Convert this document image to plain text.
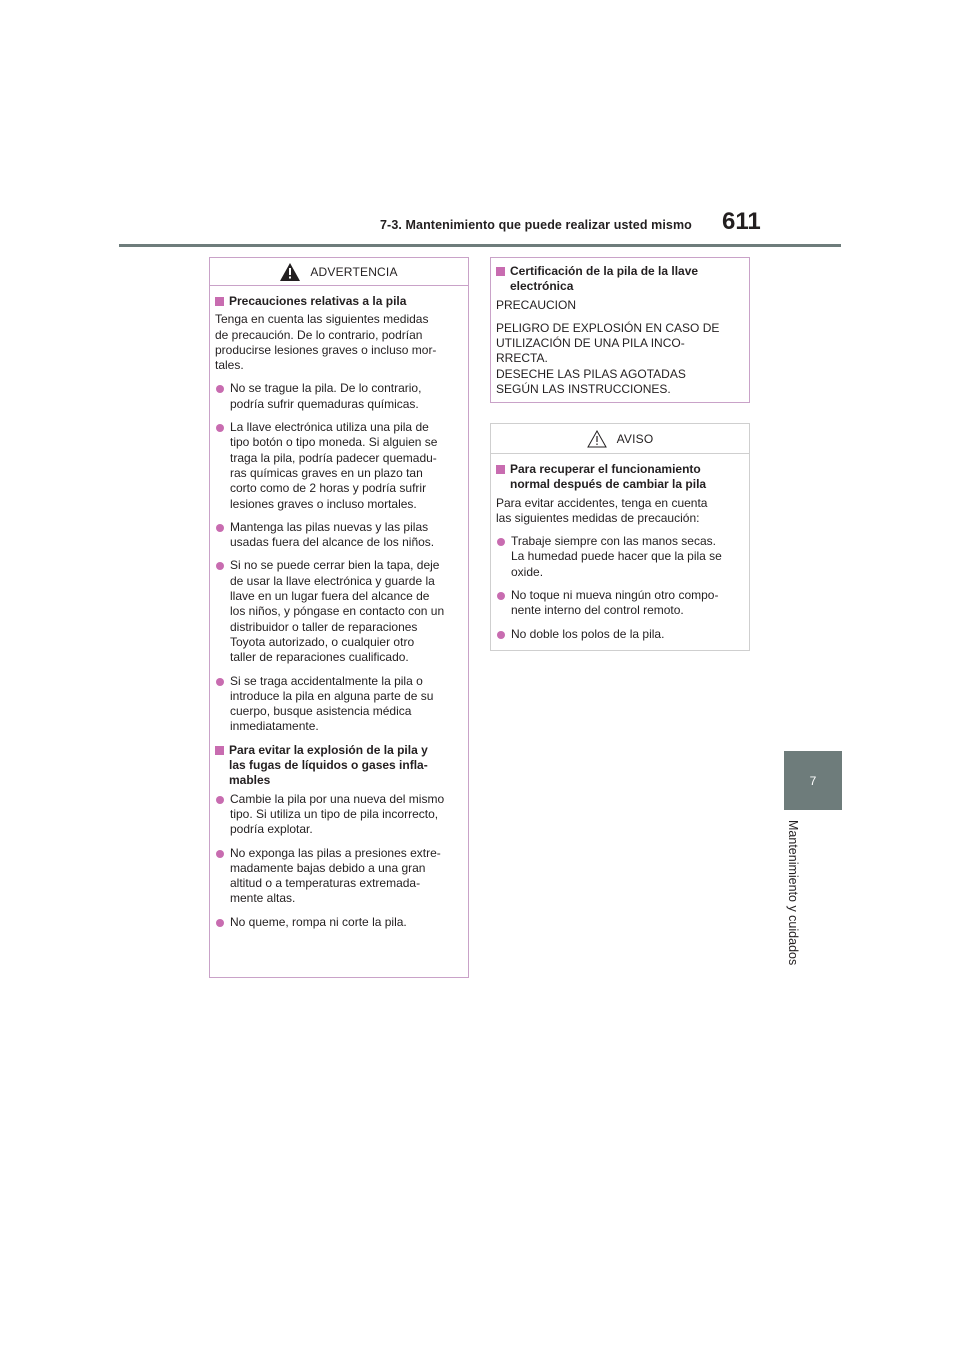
7-3. Mantenimiento que puede realizar usted mismo 611
7
Mantenimiento y cuidados
ADVERTENCIA
Precauciones relativas a la pila
Tenga en cuenta las siguientes medidas
de precaución. De lo contrario, podrían
producirse lesiones graves o incluso mor-
tales.
No se trague la pila. De lo contrario,
podría sufrir quemaduras químicas.
La llave electrónica utiliza una pila de
tipo botón o tipo moneda. Si alguien se
traga la pila, podría padecer quemadu-
ras químicas graves en un plazo tan
corto como de 2 horas y podría sufrir
lesiones graves o incluso mortales.
Mantenga las pilas nuevas y las pilas
usadas fuera del alcance de los niños.
Si no se puede cerrar bien la tapa, deje
de usar la llave electrónica y guarde la
llave en un lugar fuera del alcance de
los niños, y póngase en contacto con un
distribuidor o taller de reparaciones
Toyota autorizado, o cualquier otro
taller de reparaciones cualificado.
Si se traga accidentalmente la pila o
introduce la pila en alguna parte de su
cuerpo, busque asistencia médica
inmediatamente.
Para evitar la explosión de la pila y
las fugas de líquidos o gases infla-
mables
Cambie la pila por una nueva del mismo
tipo. Si utiliza un tipo de pila incorrecto,
podría explotar.
No exponga las pilas a presiones extre-
madamente bajas debido a una gran
altitud o a temperaturas extremada-
mente altas.
No queme, rompa ni corte la pila.
Certificación de la pila de la llave
electrónica
PRECAUCION
PELIGRO DE EXPLOSIÓN EN CASO DE
UTILIZACIÓN DE UNA PILA INCO-
RRECTA.
DESECHE LAS PILAS AGOTADAS
SEGÚN LAS INSTRUCCIONES.
AVISO
Para recuperar el funcionamiento
normal después de cambiar la pila
Para evitar accidentes, tenga en cuenta
las siguientes medidas de precaución:
Trabaje siempre con las manos secas.
La humedad puede hacer que la pila se
oxide.
No toque ni mueva ningún otro compo-
nente interno del control remoto.
No doble los polos de la pila.
